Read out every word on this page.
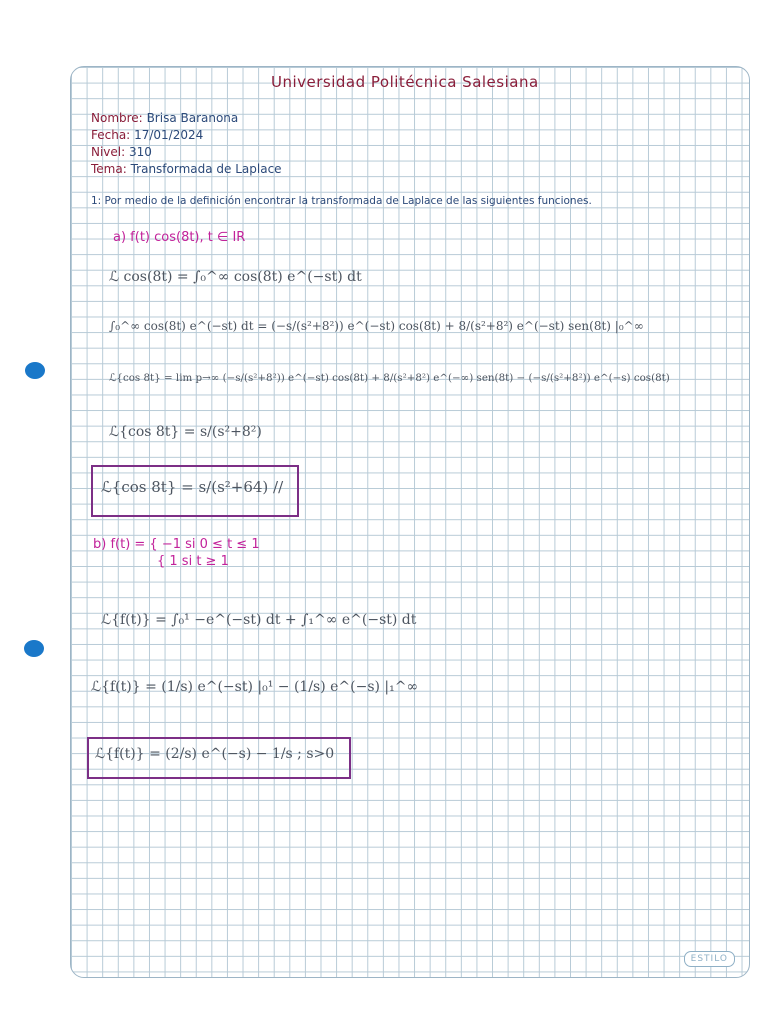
Universidad Politécnica Salesiana
Nombre: Brisa Baranona
Fecha: 17/01/2024
Nivel: 310
Tema: Transformada de Laplace
1: Por medio de la definición encontrar la transformada de Laplace de las siguientes funciones.
a) f(t) cos(8t), t ∈ IR
ℒ cos(8t) = ∫₀^∞ cos(8t) e^(−st) dt
∫₀^∞ cos(8t) e^(−st) dt = (−s/(s²+8²)) e^(−st) cos(8t) + 8/(s²+8²) e^(−st) sen(8t) |₀^∞
ℒ{cos 8t} = lim p→∞ (−s/(s²+8²)) e^(−st) cos(8t) + 8/(s²+8²) e^(−∞) sen(8t) − (−s/(s²+8²)) e^(−s) cos(8t)
ℒ{cos 8t} = s/(s²+8²)
ℒ{cos 8t} = s/(s²+64) //
b) f(t) = { −1 si 0 ≤ t ≤ 1
{ 1 si t ≥ 1
ℒ{f(t)} = ∫₀¹ −e^(−st) dt + ∫₁^∞ e^(−st) dt
ℒ{f(t)} = (1/s) e^(−st) |₀¹ − (1/s) e^(−s) |₁^∞
ℒ{f(t)} = (2/s) e^(−s) − 1/s ; s>0
ESTILO
